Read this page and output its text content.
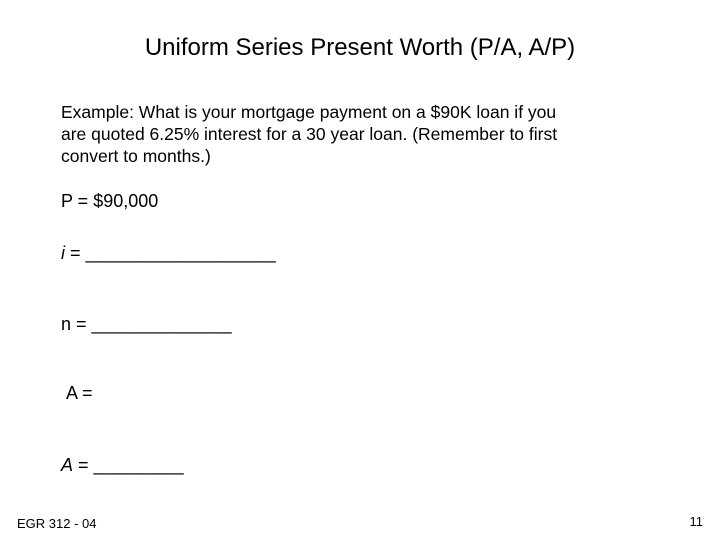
Uniform Series Present Worth (P/A, A/P)
Example: What is your mortgage payment on a $90K loan if you
are quoted 6.25% interest for a 30 year loan. (Remember to first
convert to months.)
P = $90,000
i = ___________________
n = ______________
A =
A = _________
EGR 312 - 04	11
